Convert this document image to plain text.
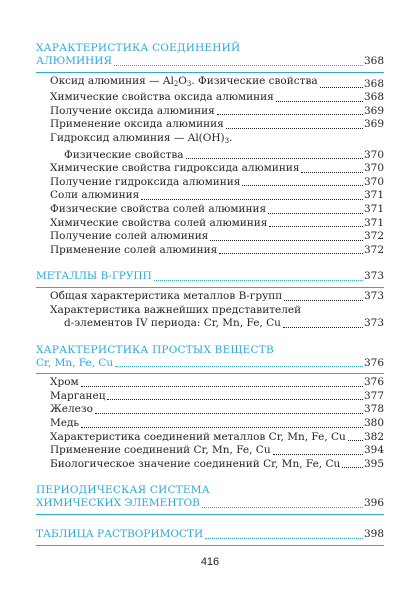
ХАРАКТЕРИСТИКА СОЕДИНЕНИЙ
АЛЮМИНИЯ	368
Оксид алюминия — $Al_2O_3$. Физические свойства	368
Химические свойства оксида алюминия	368
Получение оксида алюминия	369
Применение оксида алюминия	369
Гидроксид алюминия — $Al(OH)_3$.
Физические свойства	370
Химические свойства гидроксида алюминия	370
Получение гидроксида алюминия	370
Соли алюминия	371
Физические свойства солей алюминия	371
Химические свойства солей алюминия	371
Получение солей алюминия	372
Применение солей алюминия	372
МЕТАЛЛЫ В-ГРУПП	373
Общая характеристика металлов В-групп	373
Характеристика важнейших представителей
d-элементов IV периода: Cr, Mn, Fe, Cu	373
ХАРАКТЕРИСТИКА ПРОСТЫХ ВЕЩЕСТВ
Cr, Mn, Fe, Cu	376
Хром	376
Марганец	377
Железо	378
Медь	380
Характеристика соединений металлов Cr, Mn, Fe, Cu 382
Применение соединений Cr, Mn, Fe, Cu	394
Биологическое значение соединений Cr, Mn, Fe, Cu 395
ПЕРИОДИЧЕСКАЯ СИСТЕМА
ХИМИЧЕСКИХ ЭЛЕМЕНТОВ	396
ТАБЛИЦА РАСТВОРИМОСТИ	398
416
